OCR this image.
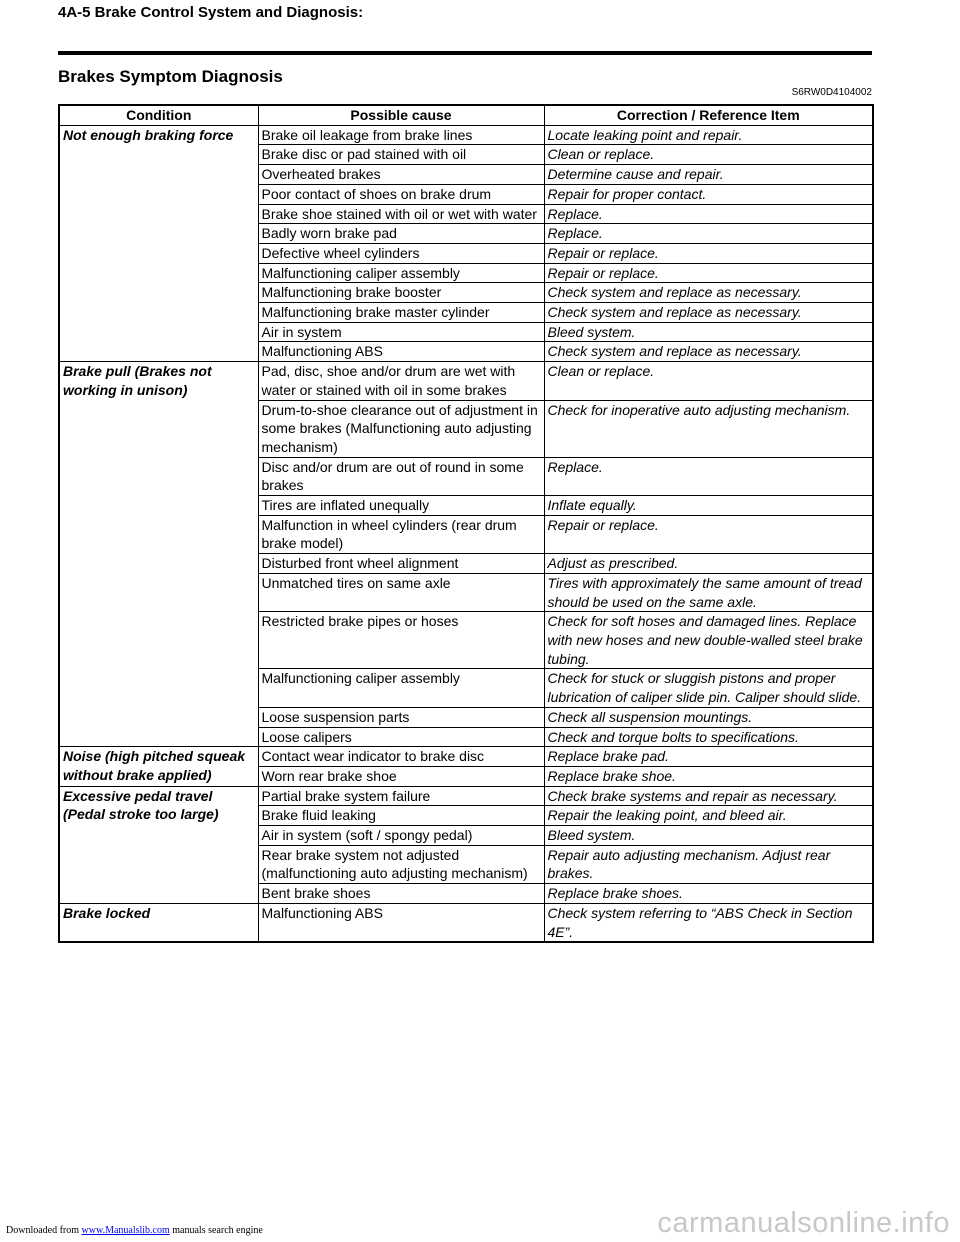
4A-5 Brake Control System and Diagnosis:
Brakes Symptom Diagnosis
S6RW0D4104002
Condition	Possible cause	Correction / Reference Item
Not enough braking force	Brake oil leakage from brake lines	Locate leaking point and repair.
	Brake disc or pad stained with oil	Clean or replace.
	Overheated brakes	Determine cause and repair.
	Poor contact of shoes on brake drum	Repair for proper contact.
	Brake shoe stained with oil or wet with water	Replace.
	Badly worn brake pad	Replace.
	Defective wheel cylinders	Repair or replace.
	Malfunctioning caliper assembly	Repair or replace.
	Malfunctioning brake booster	Check system and replace as necessary.
	Malfunctioning brake master cylinder	Check system and replace as necessary.
	Air in system	Bleed system.
	Malfunctioning ABS	Check system and replace as necessary.
Brake pull (Brakes not working in unison)	Pad, disc, shoe and/or drum are wet with water or stained with oil in some brakes	Clean or replace.
	Drum-to-shoe clearance out of adjustment in some brakes (Malfunctioning auto adjusting mechanism)	Check for inoperative auto adjusting mechanism.
	Disc and/or drum are out of round in some brakes	Replace.
	Tires are inflated unequally	Inflate equally.
	Malfunction in wheel cylinders (rear drum brake model)	Repair or replace.
	Disturbed front wheel alignment	Adjust as prescribed.
	Unmatched tires on same axle	Tires with approximately the same amount of tread should be used on the same axle.
	Restricted brake pipes or hoses	Check for soft hoses and damaged lines. Replace with new hoses and new double-walled steel brake tubing.
	Malfunctioning caliper assembly	Check for stuck or sluggish pistons and proper lubrication of caliper slide pin. Caliper should slide.
	Loose suspension parts	Check all suspension mountings.
	Loose calipers	Check and torque bolts to specifications.
Noise (high pitched squeak without brake applied)	Contact wear indicator to brake disc	Replace brake pad.
	Worn rear brake shoe	Replace brake shoe.
Excessive pedal travel (Pedal stroke too large)	Partial brake system failure	Check brake systems and repair as necessary.
	Brake fluid leaking	Repair the leaking point, and bleed air.
	Air in system (soft / spongy pedal)	Bleed system.
	Rear brake system not adjusted (malfunctioning auto adjusting mechanism)	Repair auto adjusting mechanism. Adjust rear brakes.
	Bent brake shoes	Replace brake shoes.
Brake locked	Malfunctioning ABS	Check system referring to “ABS Check in Section 4E”.
Downloaded from www.Manualslib.com manuals search engine	carmanualsonline.info
